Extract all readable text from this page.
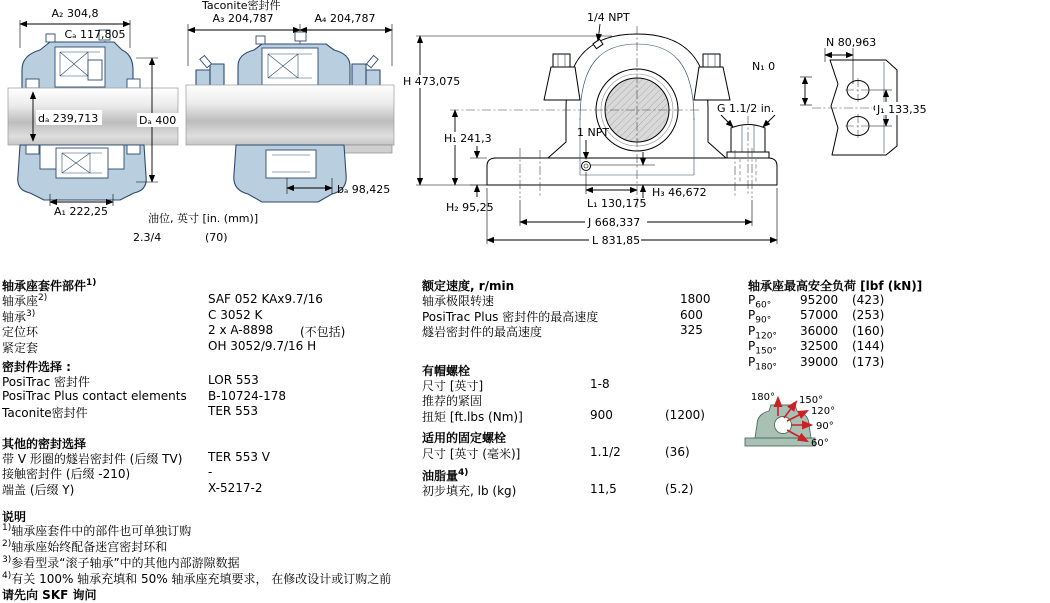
A₂ 304,8
Cₐ 117,805
dₐ 239,713	Dₐ 400
A₁ 222,25
Taconite密封件
A₃ 204,787	A₄ 204,787
bₐ 98,425
油位, 英寸 [in. (mm)]
2.3/4	(70)
1/4 NPT
H 473,075
N₁ 0
G 1.1/2 in.
H₁ 241,3	1 NPT
H₃ 46,672
H₂ 95,25	L₁ 130,175
J 668,337
L 831,85
N 80,963
J₁ 133,35
轴承座套件部件$^{1)}$
轴承座$^{2)}$	SAF 052 KAx9.7/16
轴承$^{3)}$	C 3052 K
定位环	2 x A-8898 (不包括)
紧定套	OH 3052/9.7/16 H
密封件选择 :
PosiTrac 密封件	LOR 553
PosiTrac Plus contact elements B-10724-178
Taconite密封件	TER 553
其他的密封选择
带 V 形圈的燧岩密封件 (后缀 TV) TER 553 V
接触密封件 (后缀 -210)	-
端盖 (后缀 Y)	X-5217-2
说明
$^{1)}$轴承座套件中的部件也可单独订购
$^{2)}$轴承座始终配备迷宫密封环和
$^{3)}$参看型录“滚子轴承”中的其他内部游隙数据
$^{4)}$有关 100% 轴承充填和 50% 轴承座充填要求， 在修改设计或订购之前
请先向 SKF 询问
额定速度, r/min
轴承极限转速	1800
PosiTrac Plus 密封件的最高速度	600
燧岩密封件的最高速度	325
有帽螺栓
尺寸 [英寸]	1-8
推荐的紧固
扭矩 [ft.lbs (Nm)]	900	(1200)
适用的固定螺栓
尺寸 [英寸 (毫米)]	1.1/2	(36)
油脂量$^{4)}$
初步填充, lb (kg)	11,5	(5.2)
轴承座最高安全负荷 [lbf (kN)]
$P_{60^\circ}$ 95200 (423)
$P_{90^\circ}$ 57000 (253)
$P_{120^\circ}$ 36000 (160)
$P_{150^\circ}$ 32500 (144)
$P_{180^\circ}$ 39000 (173)
180° 150°
120°
90°
60°
